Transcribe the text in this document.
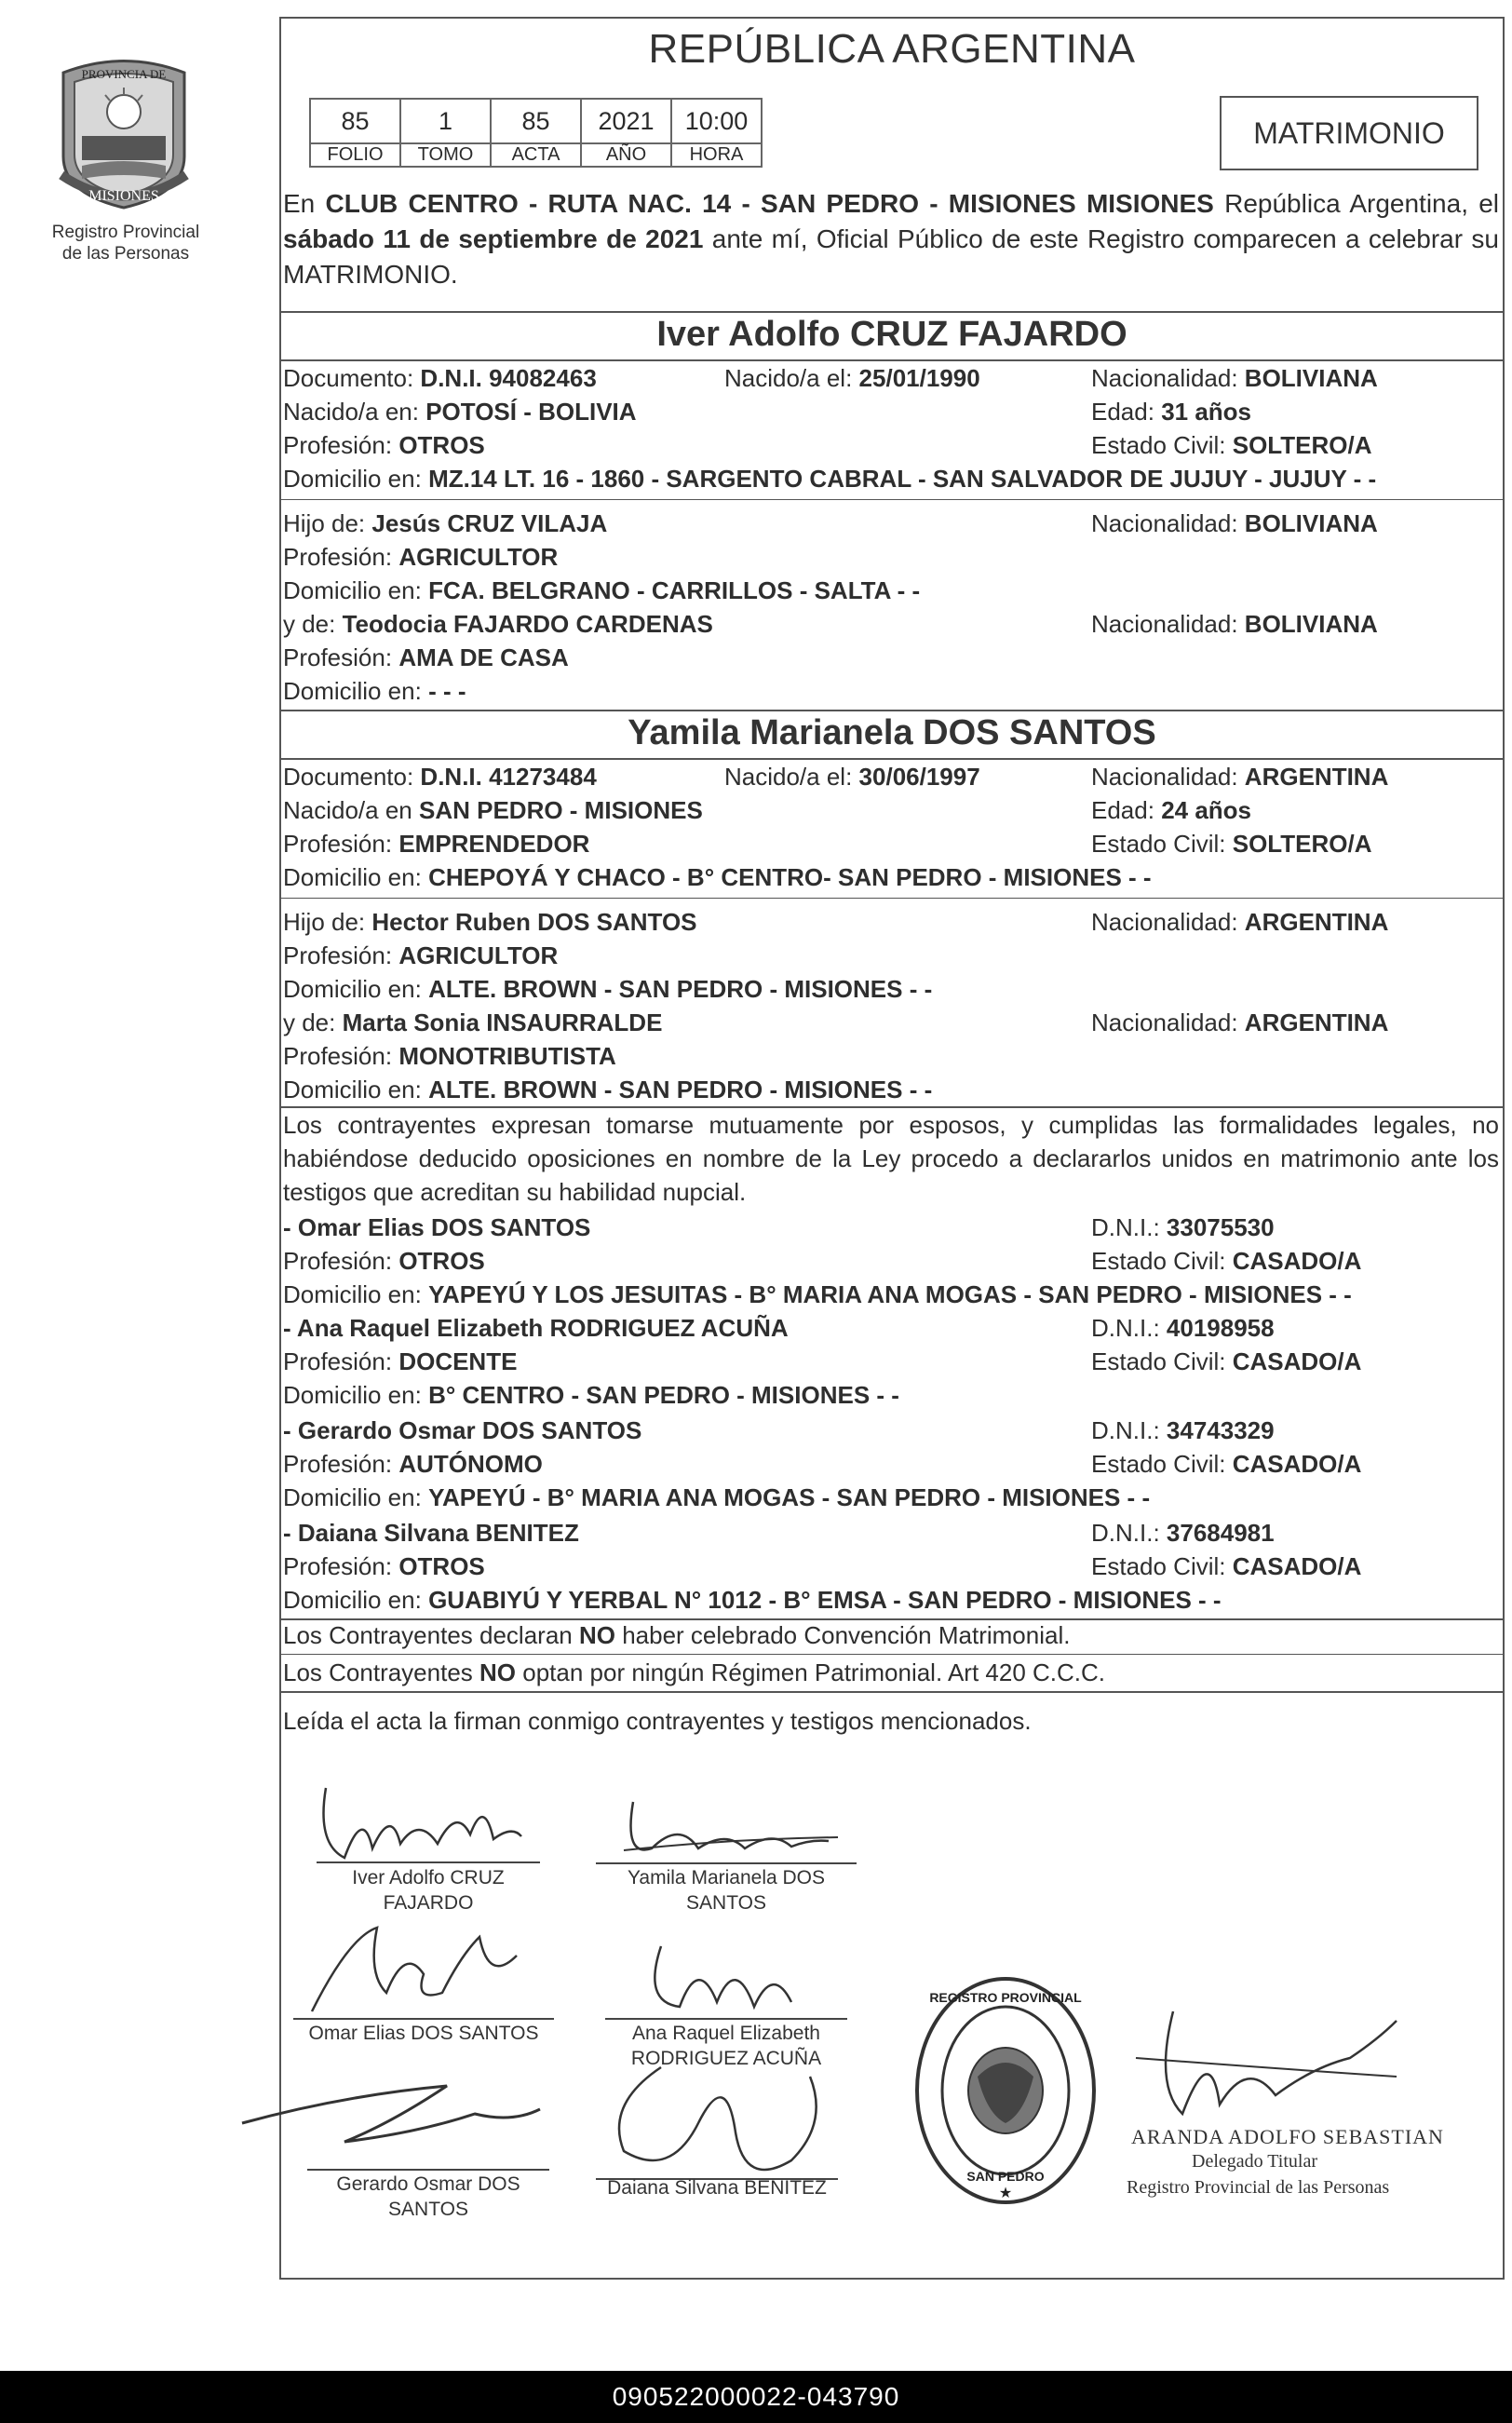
PROVINCIA DE
MISIONES
Registro Provincial
de las Personas
REPÚBLICA ARGENTINA
85	1	85	2021	10:00
FOLIO	TOMO	ACTA	AÑO	HORA
MATRIMONIO
En CLUB CENTRO - RUTA NAC. 14 - SAN PEDRO - MISIONES MISIONES República Argentina, el sábado 11 de septiembre de 2021 ante mí, Oficial Público de este Registro comparecen a celebrar su MATRIMONIO.
Iver Adolfo CRUZ FAJARDO
Documento: D.N.I. 94082463	Nacido/a el: 25/01/1990	Nacionalidad: BOLIVIANA
Nacido/a en: POTOSÍ - BOLIVIA	Edad: 31 años
Profesión: OTROS	Estado Civil: SOLTERO/A
Domicilio en: MZ.14 LT. 16 - 1860 - SARGENTO CABRAL - SAN SALVADOR DE JUJUY - JUJUY - -
Hijo de: Jesús CRUZ VILAJA	Nacionalidad: BOLIVIANA
Profesión: AGRICULTOR
Domicilio en: FCA. BELGRANO - CARRILLOS - SALTA - -
y de: Teodocia FAJARDO CARDENAS	Nacionalidad: BOLIVIANA
Profesión: AMA DE CASA
Domicilio en: - - -
Yamila Marianela DOS SANTOS
Documento: D.N.I. 41273484	Nacido/a el: 30/06/1997	Nacionalidad: ARGENTINA
Nacido/a en SAN PEDRO - MISIONES	Edad: 24 años
Profesión: EMPRENDEDOR	Estado Civil: SOLTERO/A
Domicilio en: CHEPOYÁ Y CHACO - B° CENTRO- SAN PEDRO - MISIONES - -
Hijo de: Hector Ruben DOS SANTOS	Nacionalidad: ARGENTINA
Profesión: AGRICULTOR
Domicilio en: ALTE. BROWN - SAN PEDRO - MISIONES - -
y de: Marta Sonia INSAURRALDE	Nacionalidad: ARGENTINA
Profesión: MONOTRIBUTISTA
Domicilio en: ALTE. BROWN - SAN PEDRO - MISIONES - -
Los contrayentes expresan tomarse mutuamente por esposos, y cumplidas las formalidades legales, no habiéndose deducido oposiciones en nombre de la Ley procedo a declararlos unidos en matrimonio ante los testigos que acreditan su habilidad nupcial.
- Omar Elias DOS SANTOS	D.N.I.: 33075530
Profesión: OTROS	Estado Civil: CASADO/A
Domicilio en: YAPEYÚ Y LOS JESUITAS - B° MARIA ANA MOGAS - SAN PEDRO - MISIONES - -
- Ana Raquel Elizabeth RODRIGUEZ ACUÑA	D.N.I.: 40198958
Profesión: DOCENTE	Estado Civil: CASADO/A
Domicilio en: B° CENTRO - SAN PEDRO - MISIONES - -
- Gerardo Osmar DOS SANTOS	D.N.I.: 34743329
Profesión: AUTÓNOMO	Estado Civil: CASADO/A
Domicilio en: YAPEYÚ - B° MARIA ANA MOGAS - SAN PEDRO - MISIONES - -
- Daiana Silvana BENITEZ	D.N.I.: 37684981
Profesión: OTROS	Estado Civil: CASADO/A
Domicilio en: GUABIYÚ Y YERBAL N° 1012 - B° EMSA - SAN PEDRO - MISIONES - -
Los Contrayentes declaran NO haber celebrado Convención Matrimonial.
Los Contrayentes NO optan por ningún Régimen Patrimonial. Art 420 C.C.C.
Leída el acta la firman conmigo contrayentes y testigos mencionados.
Iver Adolfo CRUZ
FAJARDO
Yamila Marianela DOS
SANTOS
Omar Elias DOS SANTOS	Ana Raquel Elizabeth
RODRIGUEZ ACUÑA
Gerardo Osmar DOS
SANTOS
Daiana Silvana BENITEZ
REGISTRO PROVINCIAL
SAN PEDRO
★
ARANDA ADOLFO SEBASTIAN
Delegado Titular
Registro Provincial de las Personas
090522000022-043790
